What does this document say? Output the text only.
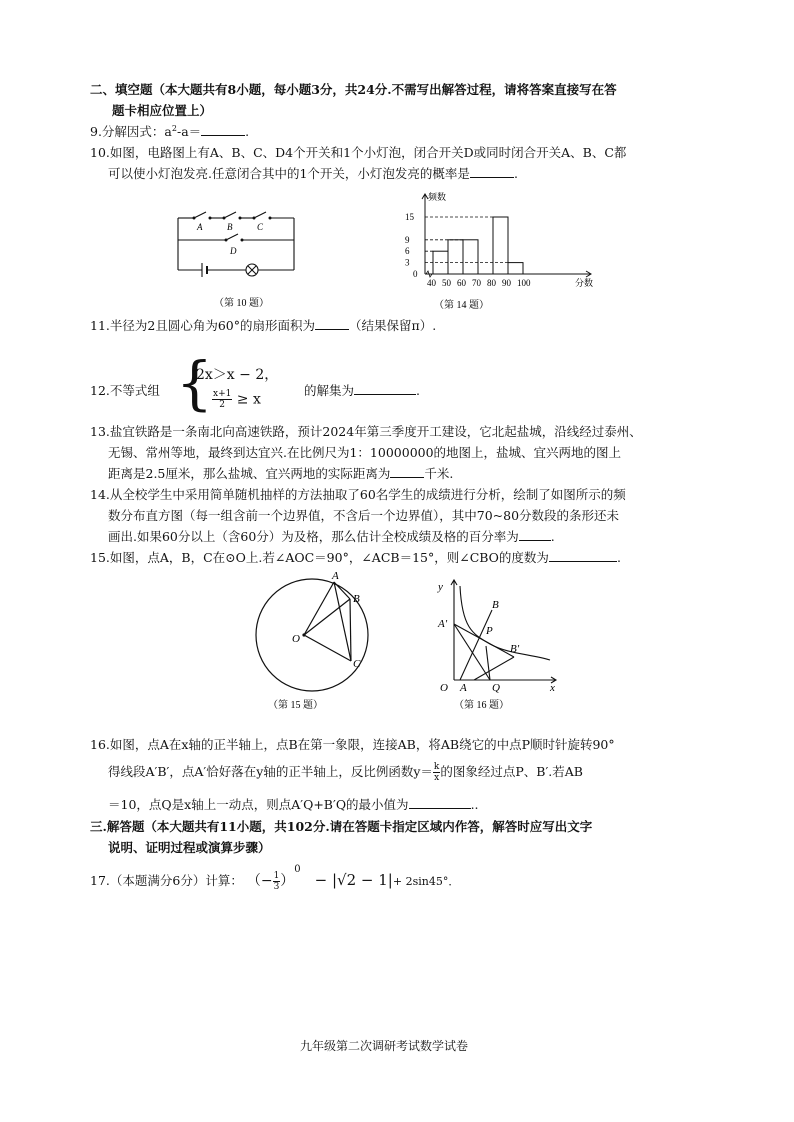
二、填空题（本大题共有8小题，每小题3分，共24分.不需写出解答过程，请将答案直接写在答
题卡相应位置上）
9.分解因式：$a^2-a=$	.
10.如图，电路图上有A、B、C、D4个开关和1个小灯泡，闭合开关D或同时闭合开关A、B、C都
可以使小灯泡发亮.任意闭合其中的1个开关，小灯泡发亮的概率是	.
A	B	C
D
（第 10 题）
15
9
6
3
0
40 50 60 70 80 90 100
频数
分数
（第 14 题）
11.半径为2且圆心角为60°的扇形面积为	（结果保留π）.
12.不等式组 {
2x＞x − 2，
$\frac{x+1}{2} \ge x$
的解集为	.
13.盐宜铁路是一条南北向高速铁路，预计2024年第三季度开工建设，它北起盐城，沿线经过泰州、
无锡、常州等地，最终到达宜兴.在比例尺为1：10000000的地图上，盐城、宜兴两地的图上
距离是2.5厘米，那么盐城、宜兴两地的实际距离为	千米.
14.从全校学生中采用简单随机抽样的方法抽取了60名学生的成绩进行分析，绘制了如图所示的频
数分布直方图（每一组含前一个边界值，不含后一个边界值），其中70~80分数段的条形还未
画出.如果60分以上（含60分）为及格，那么估计全校成绩及格的百分率为	.
15.如图，点A，B，C在⊙O上.若∠AOC＝90°，∠ACB＝15°，则∠CBO的度数为	.
A
B
O
C
（第 15 题）
y
B
A′
P
B′
O A Q	x
（第 16 题）
16.如图，点A在x轴的正半轴上，点B在第一象限，连接AB，将AB绕它的中点P顺时针旋转90°
得线段A′B′，点A′恰好落在y轴的正半轴上，反比例函数$y= \frac{k}{x}$ 的图象经过点P、B′.若AB
＝10，点Q是x轴上一动点，则点A′Q+B′Q的最小值为	..
三.解答题（本大题共有11小题，共102分.请在答题卡指定区域内作答，解答时应写出文字
说明、证明过程或演算步骤）
17.（本题满分6分）计算： （− $\frac{1}{3} )^0 - |√2 - 1|+ 2\sin 45^\circ$．
九年级第二次调研考试数学试卷
